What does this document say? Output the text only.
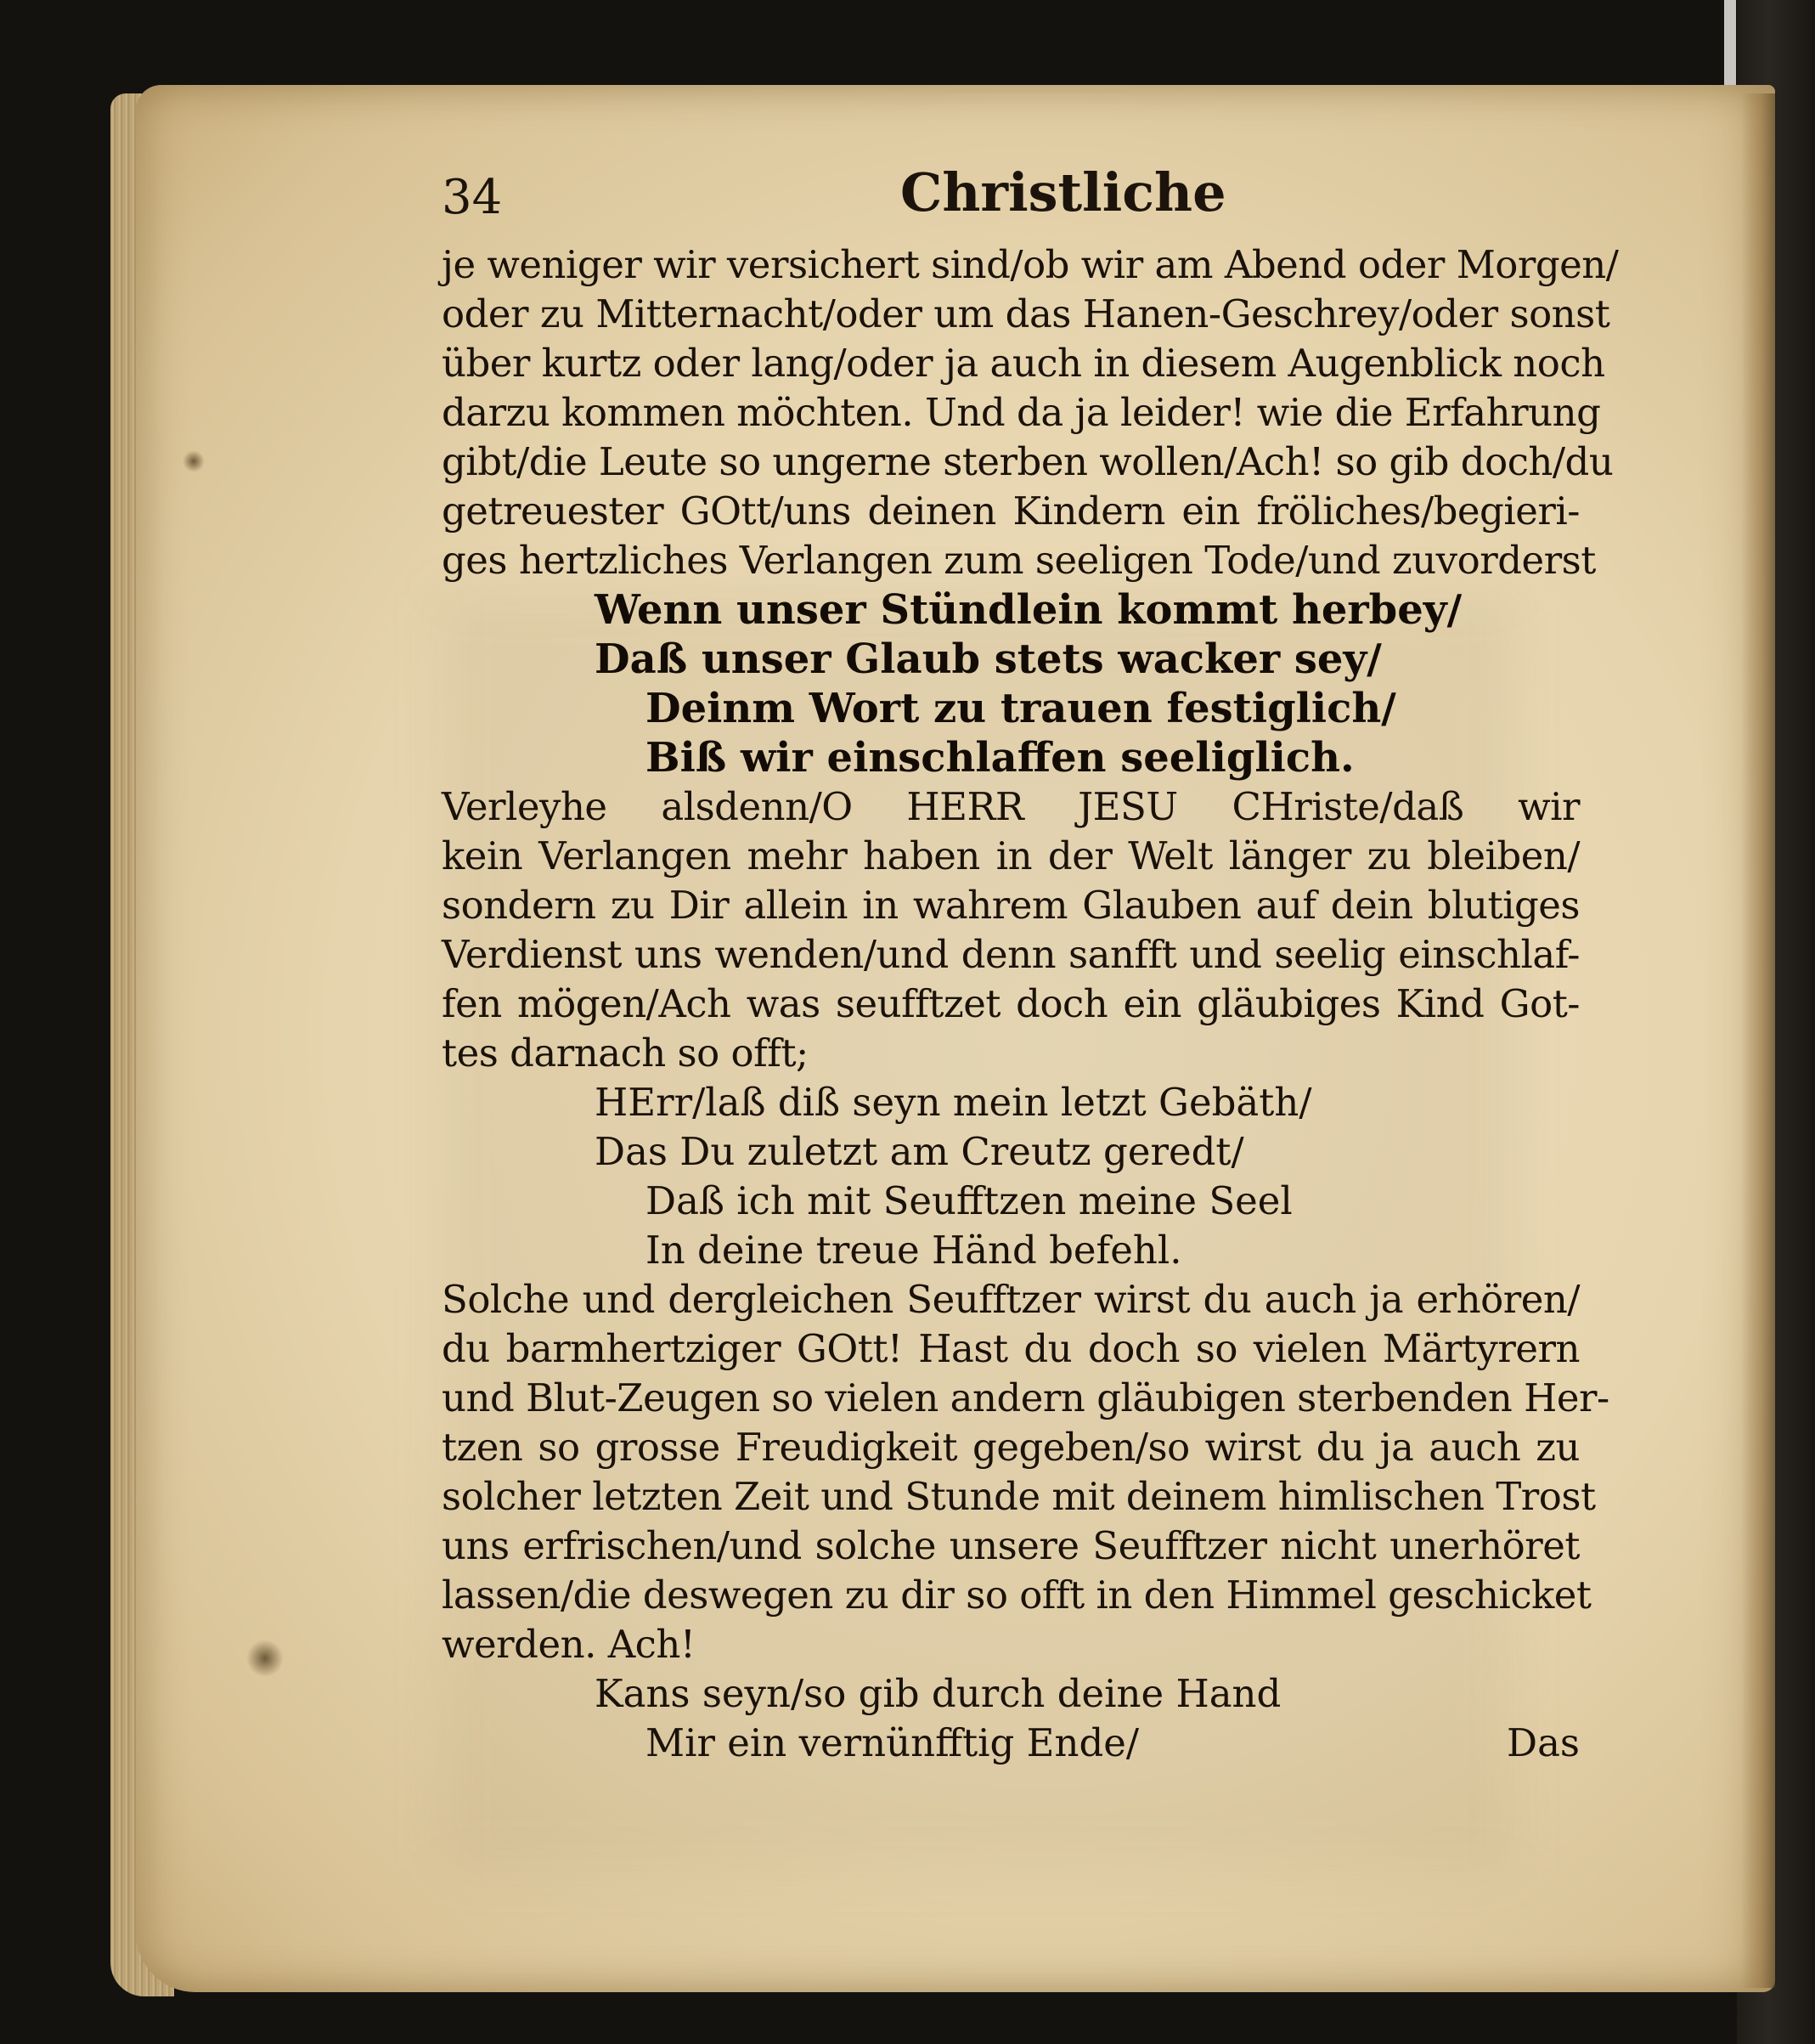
34	Christliche
je weniger wir versichert sind/ob wir am Abend oder Morgen/
oder zu Mitternacht/oder um das Hanen-Geschrey/oder sonst
über kurtz oder lang/oder ja auch in diesem Augenblick noch
darzu kommen möchten. Und da ja leider! wie die Erfahrung
gibt/die Leute so ungerne sterben wollen/Ach! so gib doch/du
getreuester GOtt/uns deinen Kindern ein fröliches/begieri-
ges hertzliches Verlangen zum seeligen Tode/und zuvorderst
Wenn unser Stündlein kommt herbey/
Daß unser Glaub stets wacker sey/
Deinm Wort zu trauen festiglich/
Biß wir einschlaffen seeliglich.
Verleyhe alsdenn/O HERR JESU CHriste/daß wir
kein Verlangen mehr haben in der Welt länger zu bleiben/
sondern zu Dir allein in wahrem Glauben auf dein blutiges
Verdienst uns wenden/und denn sanfft und seelig einschlaf-
fen mögen/Ach was seufftzet doch ein gläubiges Kind Got-
tes darnach so offt;
HErr/laß diß seyn mein letzt Gebäth/
Das Du zuletzt am Creutz geredt/
Daß ich mit Seufftzen meine Seel
In deine treue Händ befehl.
Solche und dergleichen Seufftzer wirst du auch ja erhören/
du barmhertziger GOtt! Hast du doch so vielen Märtyrern
und Blut-Zeugen so vielen andern gläubigen sterbenden Her-
tzen so grosse Freudigkeit gegeben/so wirst du ja auch zu
solcher letzten Zeit und Stunde mit deinem himlischen Trost
uns erfrischen/und solche unsere Seufftzer nicht unerhöret
lassen/die deswegen zu dir so offt in den Himmel geschicket
werden. Ach!
Kans seyn/so gib durch deine Hand
Mir ein vernünfftig Ende/	Das
